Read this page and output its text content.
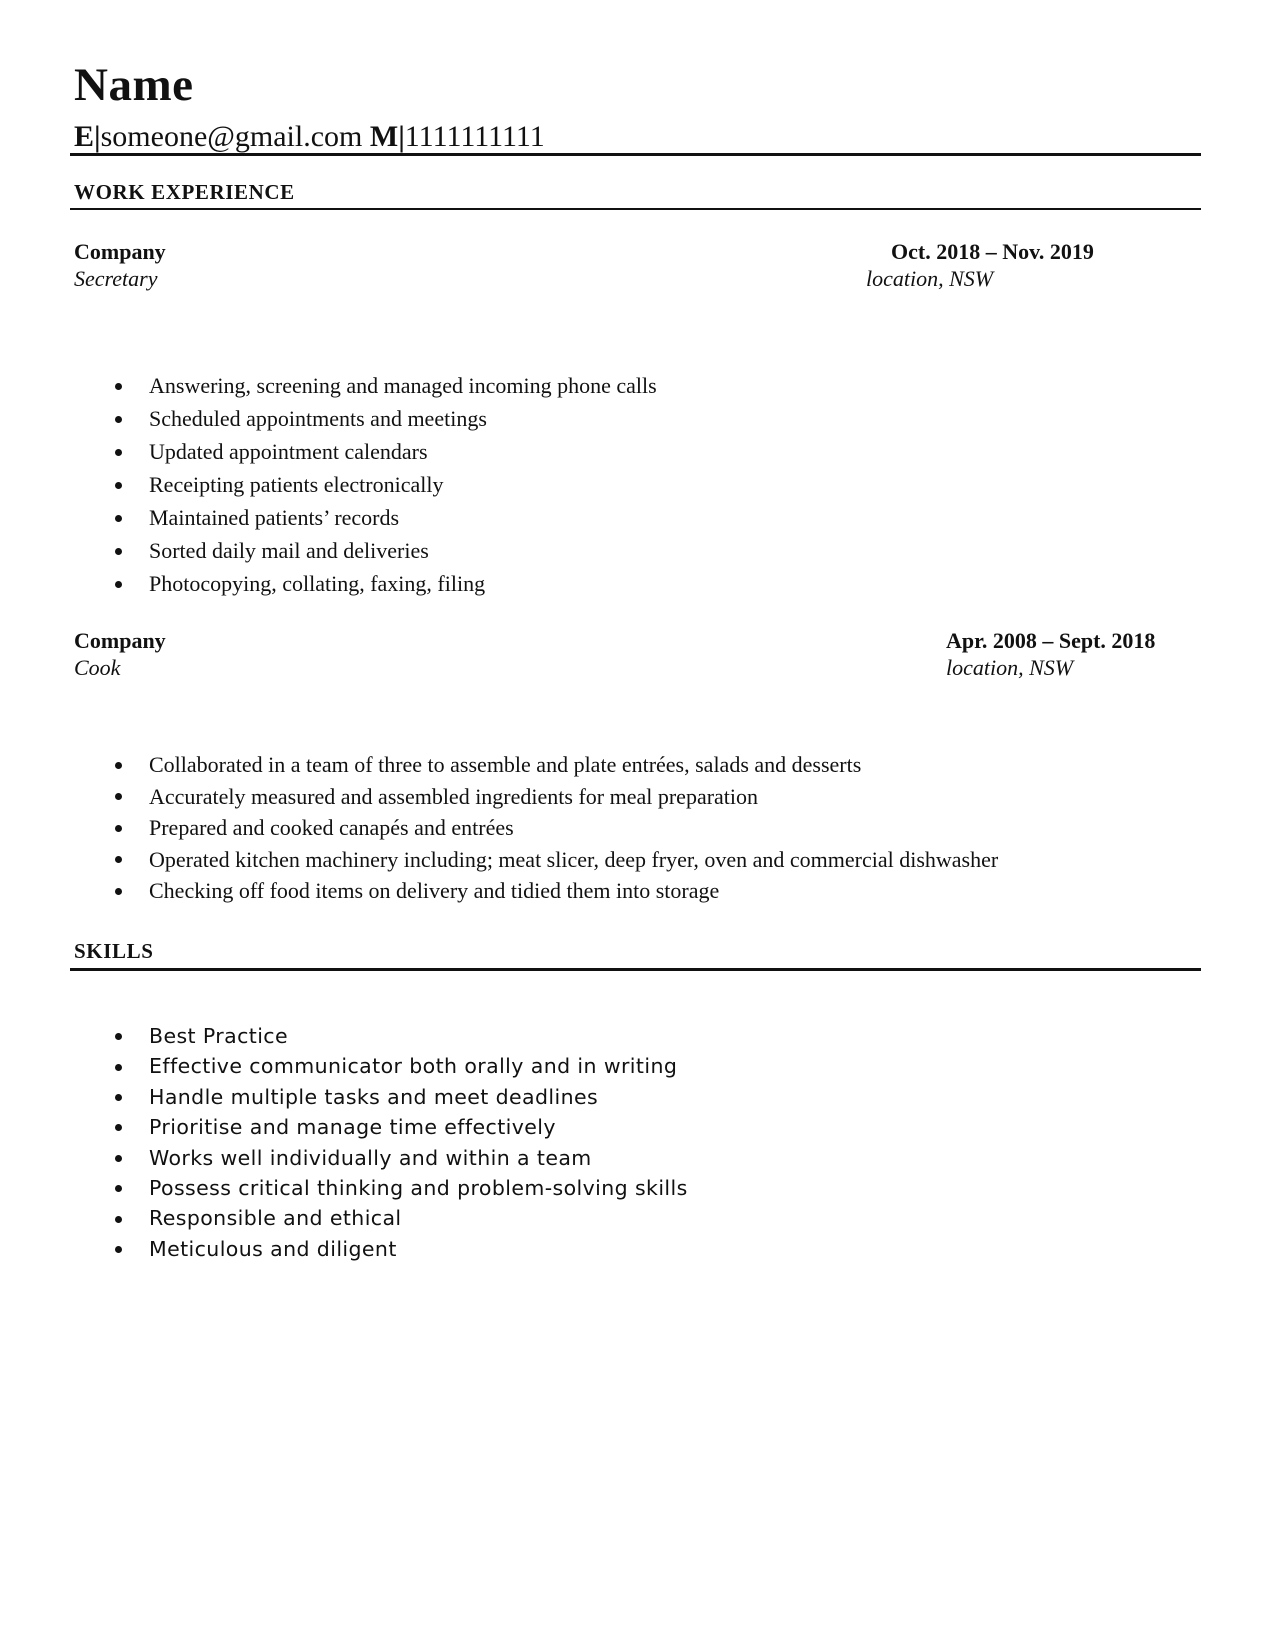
Name
E|someone@gmail.com M|1111111111
WORK EXPERIENCE
Company
Secretary
Oct. 2018 – Nov. 2019
location, NSW
Answering, screening and managed incoming phone calls
Scheduled appointments and meetings
Updated appointment calendars
Receipting patients electronically
Maintained patients’ records
Sorted daily mail and deliveries
Photocopying, collating, faxing, filing
Company
Cook
Apr. 2008 – Sept. 2018
location, NSW
Collaborated in a team of three to assemble and plate entrées, salads and desserts
Accurately measured and assembled ingredients for meal preparation
Prepared and cooked canapés and entrées
Operated kitchen machinery including; meat slicer, deep fryer, oven and commercial dishwasher
Checking off food items on delivery and tidied them into storage
SKILLS
Best Practice
Effective communicator both orally and in writing
Handle multiple tasks and meet deadlines
Prioritise and manage time effectively
Works well individually and within a team
Possess critical thinking and problem-solving skills
Responsible and ethical
Meticulous and diligent
